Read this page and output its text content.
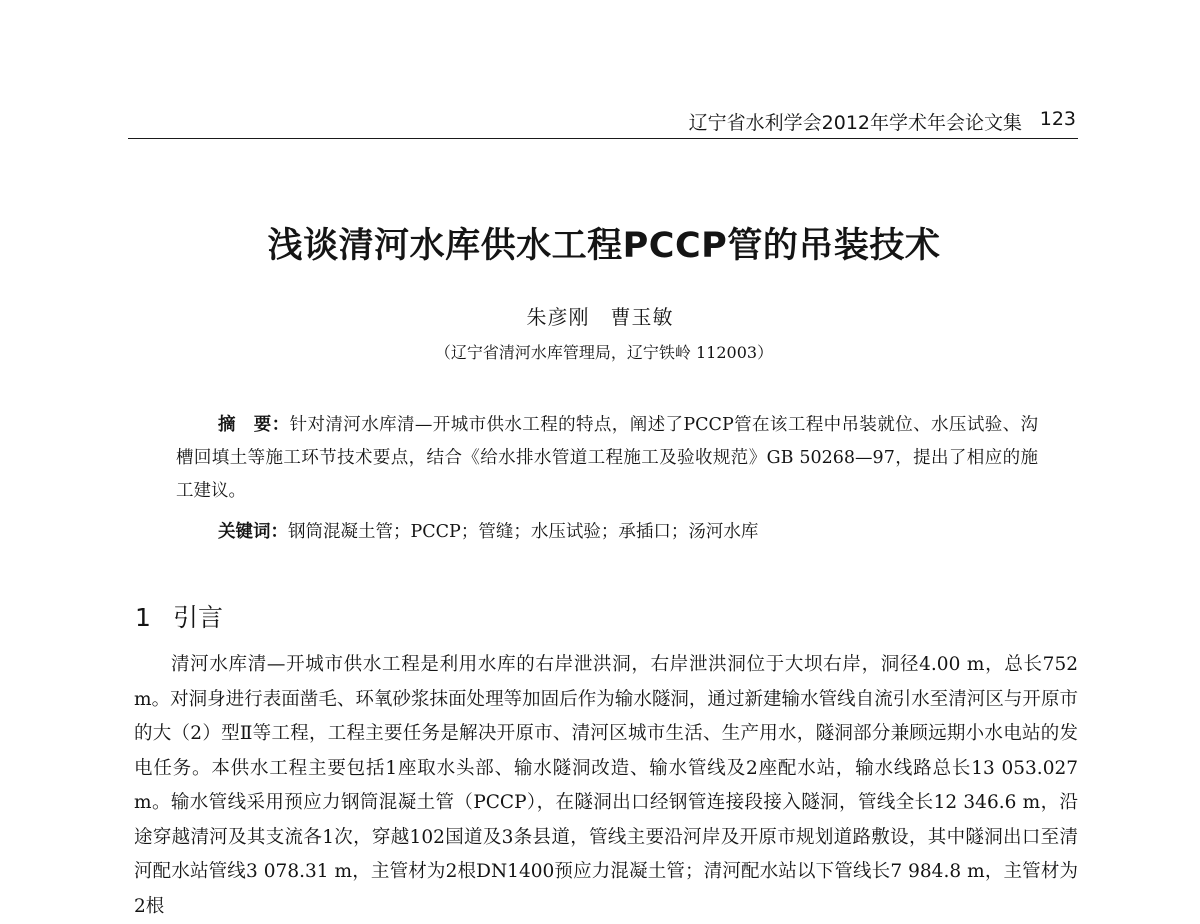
辽宁省水利学会2012年学术年会论文集 123
浅谈清河水库供水工程PCCP管的吊装技术
朱彦刚　曹玉敏
（辽宁省清河水库管理局，辽宁铁岭 112003）

摘　要：针对清河水库清—开城市供水工程的特点，阐述了PCCP管在该工程中吊装就位、水压试验、沟槽回填土等施工环节技术要点，结合《给水排水管道工程施工及验收规范》GB 50268—97，提出了相应的施工建议。

关键词：钢筒混凝土管；PCCP；管缝；水压试验；承插口；汤河水库
1 引言

清河水库清—开城市供水工程是利用水库的右岸泄洪洞，右岸泄洪洞位于大坝右岸，洞径4.00 m，总长752 m。对洞身进行表面凿毛、环氧砂浆抹面处理等加固后作为输水隧洞，通过新建输水管线自流引水至清河区与开原市的大（2）型Ⅱ等工程，工程主要任务是解决开原市、清河区城市生活、生产用水，隧洞部分兼顾远期小水电站的发电任务。本供水工程主要包括1座取水头部、输水隧洞改造、输水管线及2座配水站，输水线路总长13 053.027 m。输水管线采用预应力钢筒混凝土管（PCCP），在隧洞出口经钢管连接段接入隧洞，管线全长12 346.6 m，沿途穿越清河及其支流各1次，穿越102国道及3条县道，管线主要沿河岸及开原市规划道路敷设，其中隧洞出口至清河配水站管线3 078.31 m，主管材为2根DN1400预应力混凝土管；清河配水站以下管线长7 984.8 m，主管材为2根
